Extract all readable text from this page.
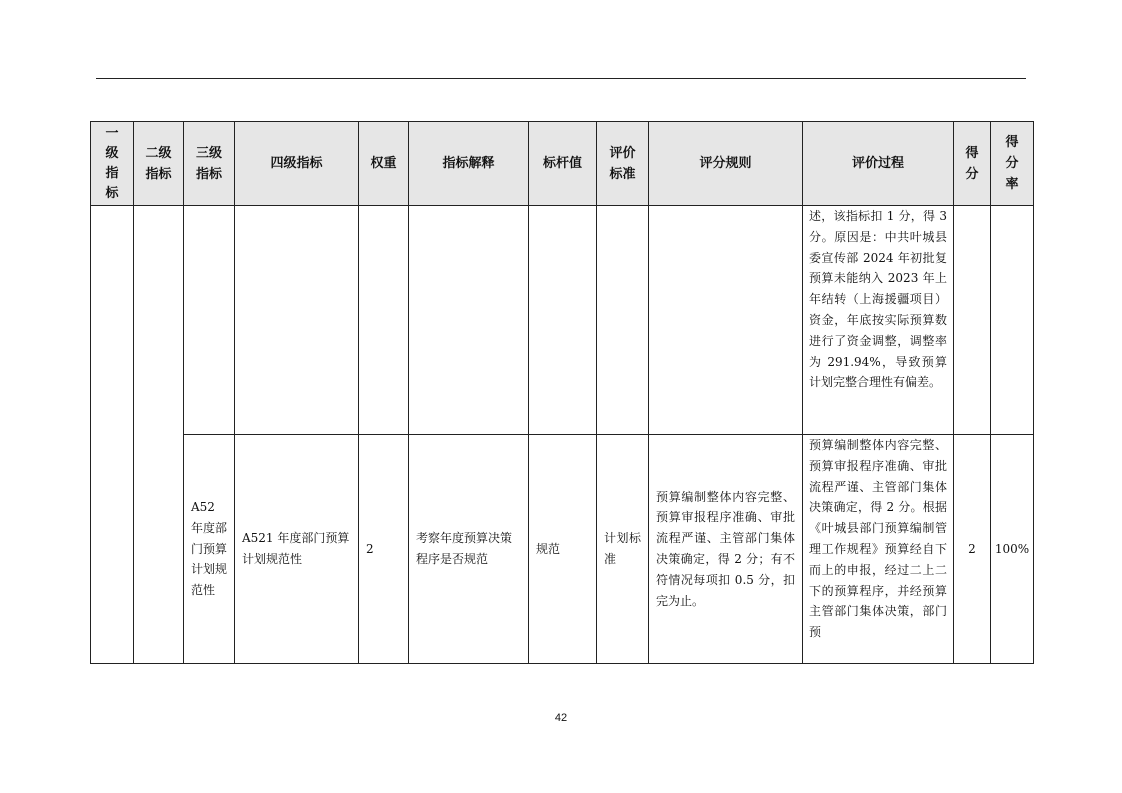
一级指标	二级指标	三级指标	四级指标	权重	指标解释	标杆值	评价标准	评分规则	评价过程	得分	得分率

									述，该指标扣 1 分，得 3 分。原因是：中共叶城县委宣传部 2024 年初批复预算未能纳入 2023 年上年结转（上海援疆项目）资金，年底按实际预算数进行了资金调整，调整率为 291.94%，导致预算计划完整合理性有偏差。		

		A52 年度部门预算计划规范性	A521 年度部门预算计划规范性	2	考察年度预算决策程序是否规范	规范	计划标准	预算编制整体内容完整、预算审报程序准确、审批流程严谨、主管部门集体决策确定，得 2 分；有不符情况每项扣 0.5 分，扣完为止。	预算编制整体内容完整、预算审报程序准确、审批流程严谨、主管部门集体决策确定，得 2 分。根据《叶城县部门预算编制管理工作规程》预算经自下而上的申报，经过二上二下的预算程序，并经预算主管部门集体决策，部门预	2	100%
42
